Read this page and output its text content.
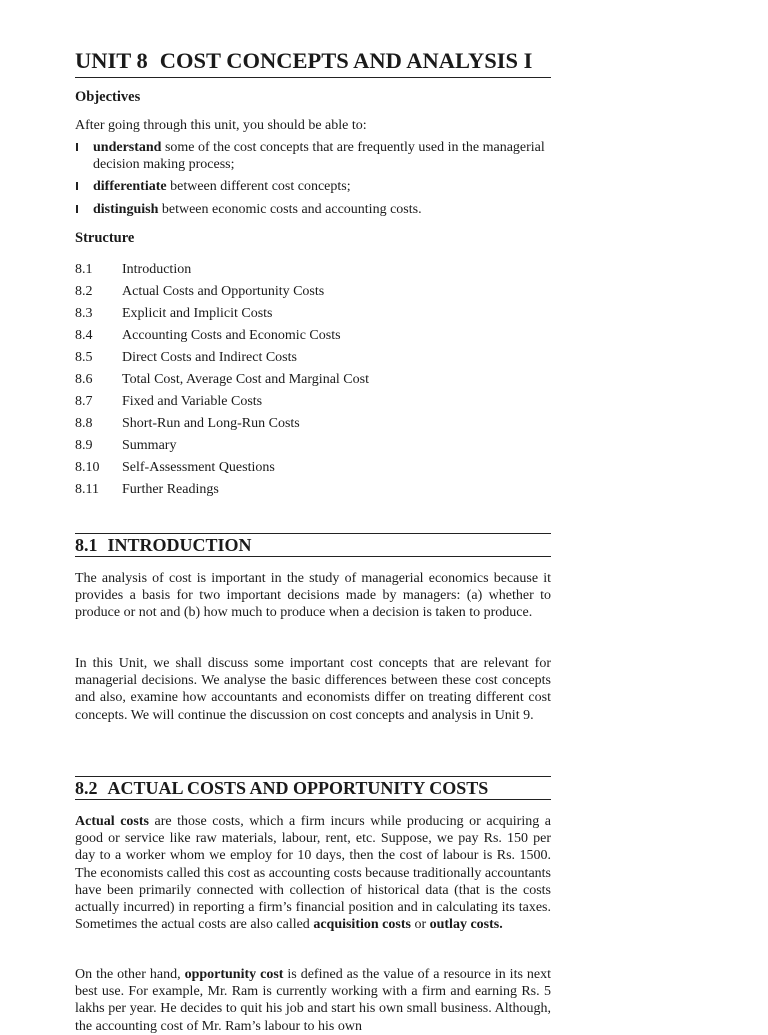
UNIT 8 COST CONCEPTS AND ANALYSIS I
Objectives
After going through this unit, you should be able to:
understand some of the cost concepts that are frequently used in the managerial decision making process;
differentiate between different cost concepts;
distinguish between economic costs and accounting costs.
Structure
8.1	Introduction
8.2	Actual Costs and Opportunity Costs
8.3	Explicit and Implicit Costs
8.4	Accounting Costs and Economic Costs
8.5	Direct Costs and Indirect Costs
8.6	Total Cost, Average Cost and Marginal Cost
8.7	Fixed and Variable Costs
8.8	Short-Run and Long-Run Costs
8.9	Summary
8.10	Self-Assessment Questions
8.11	Further Readings
8.1 INTRODUCTION
The analysis of cost is important in the study of managerial economics because it provides a basis for two important decisions made by managers: (a) whether to produce or not and (b) how much to produce when a decision is taken to produce.
In this Unit, we shall discuss some important cost concepts that are relevant for managerial decisions. We analyse the basic differences between these cost concepts and also, examine how accountants and economists differ on treating different cost concepts. We will continue the discussion on cost concepts and analysis in Unit 9.
8.2 ACTUAL COSTS AND OPPORTUNITY COSTS
Actual costs are those costs, which a firm incurs while producing or acquiring a good or service like raw materials, labour, rent, etc. Suppose, we pay Rs. 150 per day to a worker whom we employ for 10 days, then the cost of labour is Rs. 1500. The economists called this cost as accounting costs because traditionally accountants have been primarily connected with collection of historical data (that is the costs actually incurred) in reporting a firm’s financial position and in calculating its taxes. Sometimes the actual costs are also called acquisition costs or outlay costs.
On the other hand, opportunity cost is defined as the value of a resource in its next best use. For example, Mr. Ram is currently working with a firm and earning Rs. 5 lakhs per year. He decides to quit his job and start his own small business. Although, the accounting cost of Mr. Ram’s labour to his own
